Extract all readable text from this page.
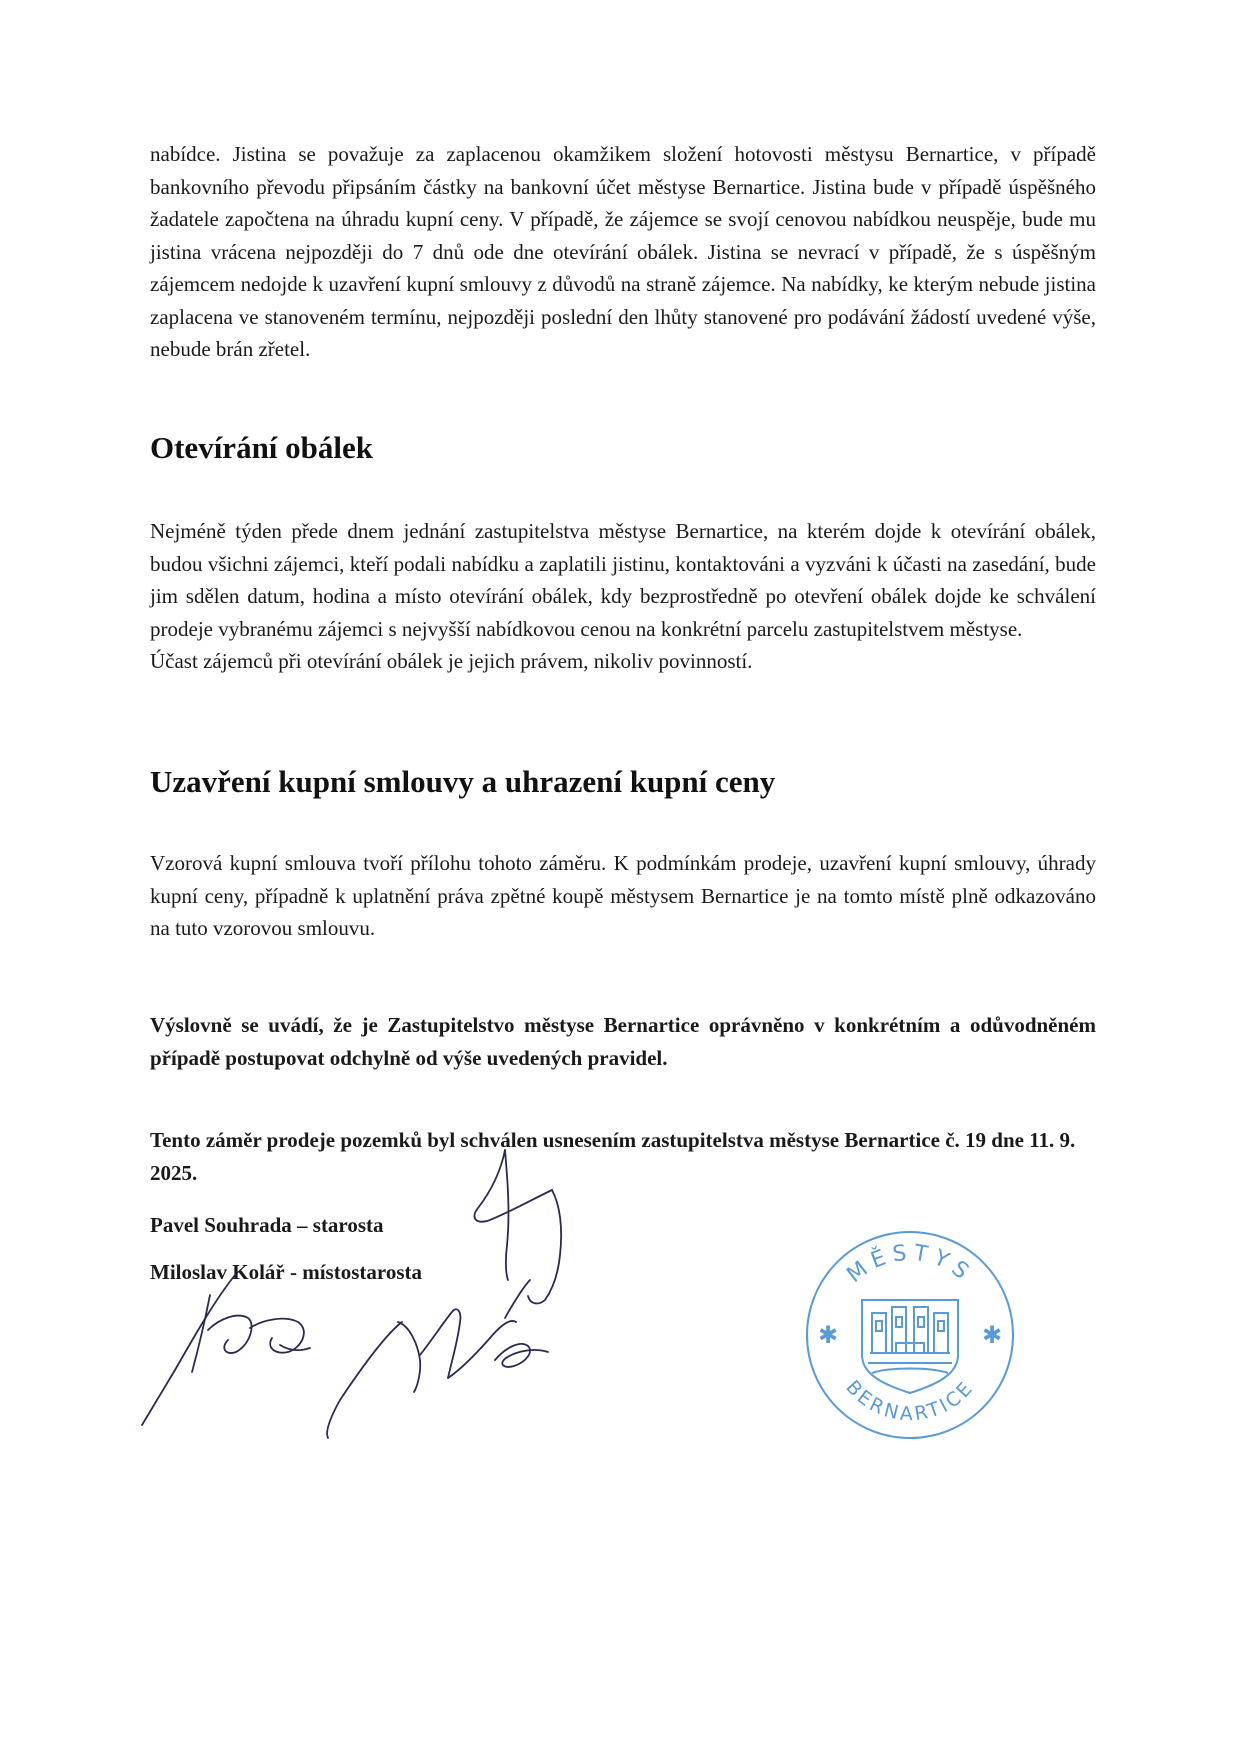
nabídce. Jistina se považuje za zaplacenou okamžikem složení hotovosti městysu Bernartice, v případě bankovního převodu připsáním částky na bankovní účet městyse Bernartice. Jistina bude v případě úspěšného žadatele započtena na úhradu kupní ceny. V případě, že zájemce se svojí cenovou nabídkou neuspěje, bude mu jistina vrácena nejpozději do 7 dnů ode dne otevírání obálek. Jistina se nevrací v případě, že s úspěšným zájemcem nedojde k uzavření kupní smlouvy z důvodů na straně zájemce. Na nabídky, ke kterým nebude jistina zaplacena ve stanoveném termínu, nejpozději poslední den lhůty stanovené pro podávání žádostí uvedené výše, nebude brán zřetel.

Otevírání obálek

Nejméně týden přede dnem jednání zastupitelstva městyse Bernartice, na kterém dojde k otevírání obálek, budou všichni zájemci, kteří podali nabídku a zaplatili jistinu, kontaktováni a vyzváni k účasti na zasedání, bude jim sdělen datum, hodina a místo otevírání obálek, kdy bezprostředně po otevření obálek dojde ke schválení prodeje vybranému zájemci s nejvyšší nabídkovou cenou na konkrétní parcelu zastupitelstvem městyse.

Účast zájemců při otevírání obálek je jejich právem, nikoliv povinností.

Uzavření kupní smlouvy a uhrazení kupní ceny

Vzorová kupní smlouva tvoří přílohu tohoto záměru. K podmínkám prodeje, uzavření kupní smlouvy, úhrady kupní ceny, případně k uplatnění práva zpětné koupě městysem Bernartice je na tomto místě plně odkazováno na tuto vzorovou smlouvu.

Výslovně se uvádí, že je Zastupitelstvo městyse Bernartice oprávněno v konkrétním a odůvodněném případě postupovat odchylně od výše uvedených pravidel.

Tento záměr prodeje pozemků byl schválen usnesením zastupitelstva městyse Bernartice č. 19 dne 11. 9. 2025.

Pavel Souhrada – starosta
Miloslav Kolář - místostarosta
✱	✱
MĚSTYS
BERNARTICE
